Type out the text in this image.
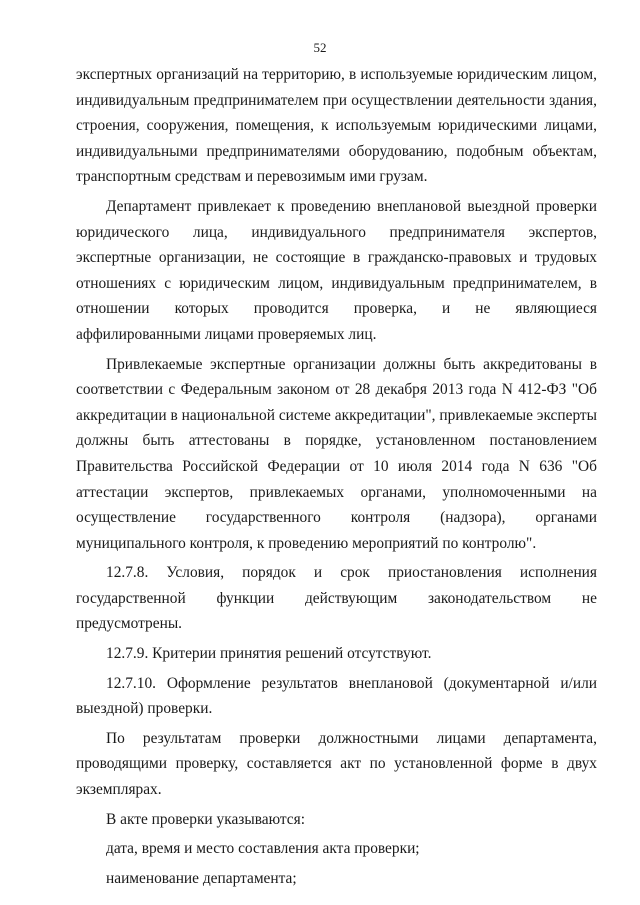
52

экспертных организаций на территорию, в используемые юридическим лицом, индивидуальным предпринимателем при осуществлении деятельности здания, строения, сооружения, помещения, к используемым юридическими лицами, индивидуальными предпринимателями оборудованию, подобным объектам, транспортным средствам и перевозимым ими грузам.

Департамент привлекает к проведению внеплановой выездной проверки юридического лица, индивидуального предпринимателя экспертов, экспертные организации, не состоящие в гражданско-правовых и трудовых отношениях с юридическим лицом, индивидуальным предпринимателем, в отношении которых проводится проверка, и не являющиеся аффилированными лицами проверяемых лиц.

Привлекаемые экспертные организации должны быть аккредитованы в соответствии с Федеральным законом от 28 декабря 2013 года N 412-ФЗ "Об аккредитации в национальной системе аккредитации", привлекаемые эксперты должны быть аттестованы в порядке, установленном постановлением Правительства Российской Федерации от 10 июля 2014 года N 636 "Об аттестации экспертов, привлекаемых органами, уполномоченными на осуществление государственного контроля (надзора), органами муниципального контроля, к проведению мероприятий по контролю".

12.7.8. Условия, порядок и срок приостановления исполнения государственной функции действующим законодательством не предусмотрены.

12.7.9. Критерии принятия решений отсутствуют.

12.7.10. Оформление результатов внеплановой (документарной и/или выездной) проверки.

По результатам проверки должностными лицами департамента, проводящими проверку, составляется акт по установленной форме в двух экземплярах.

В акте проверки указываются:

дата, время и место составления акта проверки;

наименование департамента;
